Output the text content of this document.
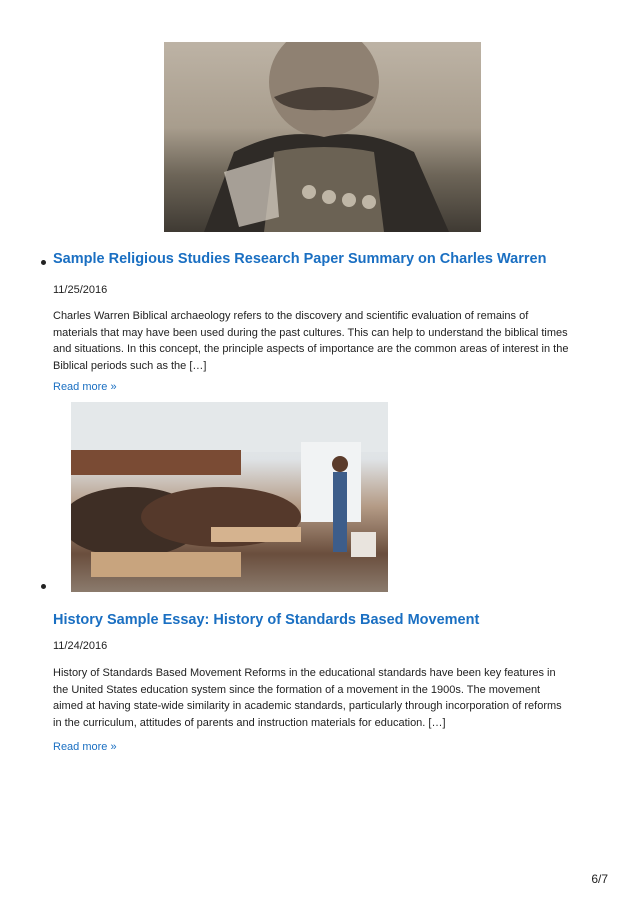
Sample Religious Studies Research Paper Summary on Charles Warren
11/25/2016
Charles Warren Biblical archaeology refers to the discovery and scientific evaluation of remains of
materials that may have been used during the past cultures. This can help to understand the biblical times
and situations. In this concept, the principle aspects of importance are the common areas of interest in the
Biblical periods such as the […]
Read more »
History Sample Essay: History of Standards Based Movement
11/24/2016
History of Standards Based Movement Reforms in the educational standards have been key features in
the United States education system since the formation of a movement in the 1900s. The movement
aimed at having state-wide similarity in academic standards, particularly through incorporation of reforms
in the curriculum, attitudes of parents and instruction materials for education. […]
Read more »
6/7
